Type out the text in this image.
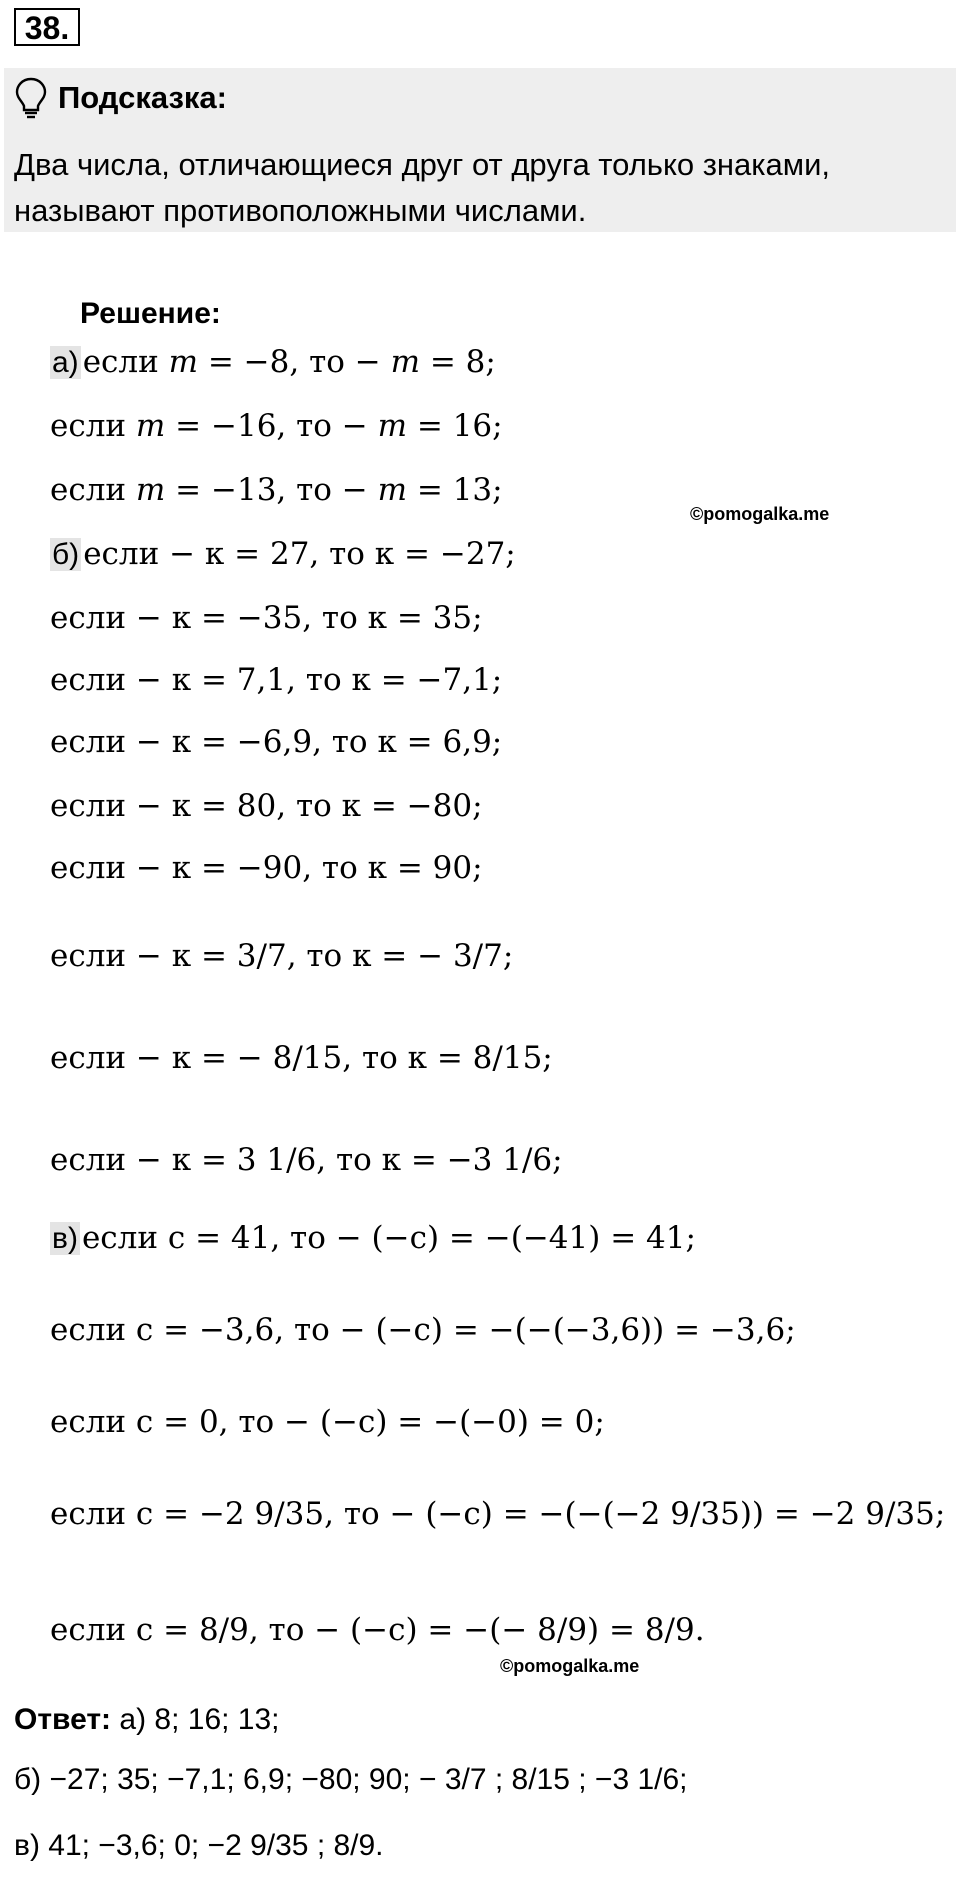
38.
Подсказка:
Два числа, отличающиеся друг от друга только знаками, называют противоположными числами.
Решение:
а) если 𝑚 = −8, то − 𝑚 = 8;
если 𝑚 = −16, то − 𝑚 = 16;
если 𝑚 = −13, то − 𝑚 = 13;
©pomogalka.me
б) если − к = 27, то к = −27;
если − к = −35, то к = 35;
если − к = 7,1, то к = −7,1;
если − к = −6,9, то к = 6,9;
если − к = 80, то к = −80;
если − к = −90, то к = 90;
если − к = 3/7, то к = − 3/7;
если − к = − 8/15, то к = 8/15;
если − к = 3 1/6, то к = −3 1/6;
в) если c = 41, то − (−c) = −(−41) = 41;
если c = −3,6, то − (−c) = −(−(−3,6)) = −3,6;
если c = 0, то − (−c) = −(−0) = 0;
если c = −2 9/35, то − (−c) = −(−(−2 9/35)) = −2 9/35;
если c = 8/9, то − (−c) = −(− 8/9) = 8/9.
©pomogalka.me
Ответ: а) 8; 16; 13;
б) −27; 35; −7,1; 6,9; −80; 90; − 3/7 ; 8/15 ; −3 1/6;
в) 41; −3,6; 0; −2 9/35 ; 8/9.
